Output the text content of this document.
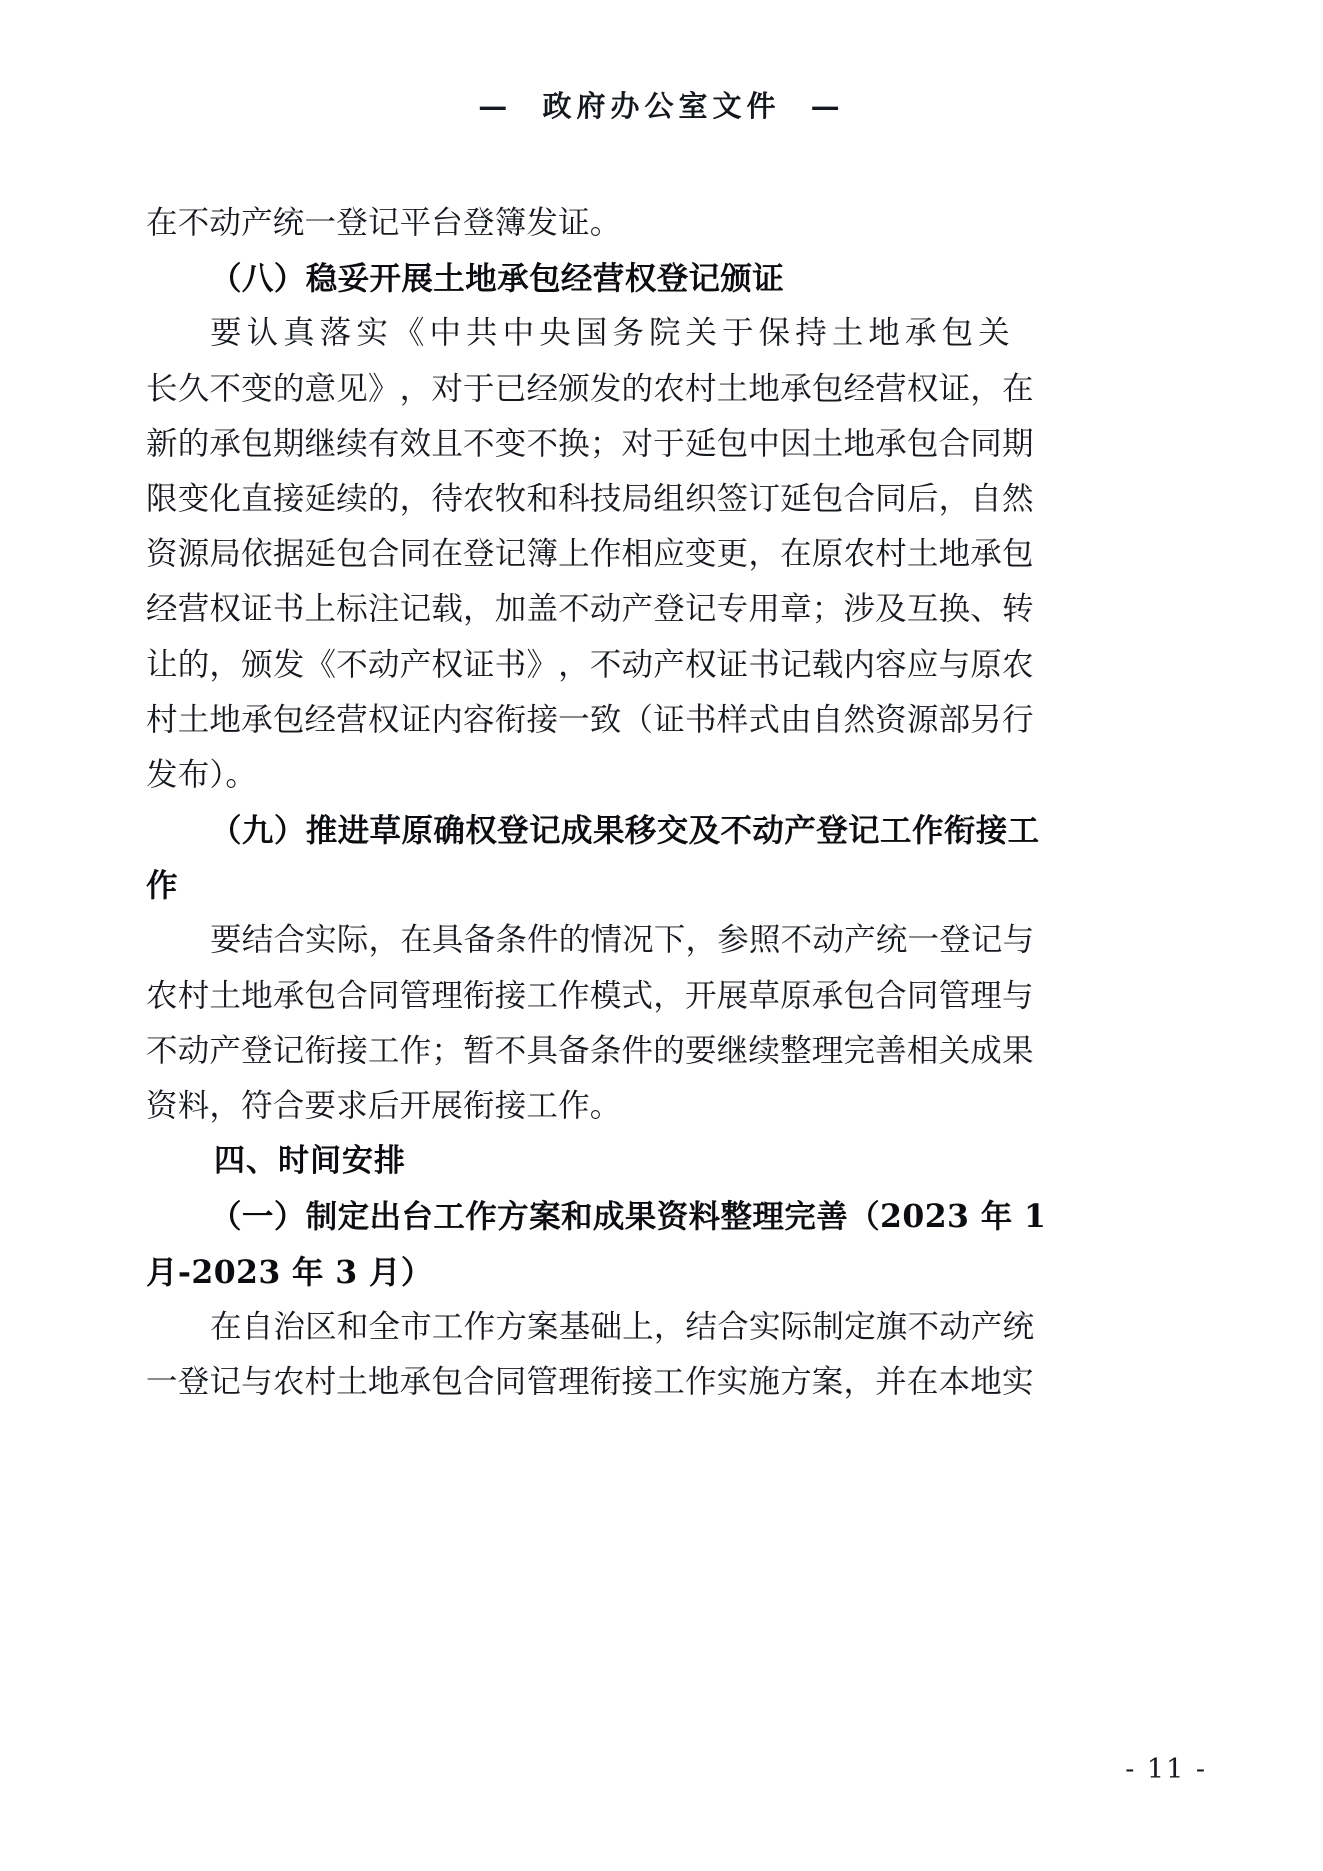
—  政府办公室文件  —
在不动产统一登记平台登簿发证。
（八）稳妥开展土地承包经营权登记颁证
要 认 真 落 实 《 中 共 中 央 国 务 院 关 于 保 持 土 地 承 包 关
长 久 不 变 的 意 见 》 ， 对 于 已 经 颁 发 的 农 村 土 地 承 包 经 营 权 证 ， 在
新 的 承 包 期 继 续 有 效 且 不 变 不 换 ； 对 于 延 包 中 因 土 地 承 包 合 同 期
限 变 化 直 接 延 续 的 ， 待 农 牧 和 科 技 局 组 织 签 订 延 包 合 同 后 ， 自 然
资 源 局 依 据 延 包 合 同 在 登 记 簿 上 作 相 应 变 更 ， 在 原 农 村 土 地 承 包
经 营 权 证 书 上 标 注 记 载 ， 加 盖 不 动 产 登 记 专 用 章 ； 涉 及 互 换 、 转
让 的 ， 颁 发 《 不 动 产 权 证 书 》 ， 不 动 产 权 证 书 记 载 内 容 应 与 原 农
村 土 地 承 包 经 营 权 证 内 容 衔 接 一 致 （ 证 书 样 式 由 自 然 资 源 部 另 行
发布）。
（ 九 ） 推 进 草 原 确 权 登 记 成 果 移 交 及 不 动 产 登 记 工 作 衔 接 工
作
要 结 合 实 际 ， 在 具 备 条 件 的 情 况 下 ， 参 照 不 动 产 统 一 登 记 与
农 村 土 地 承 包 合 同 管 理 衔 接 工 作 模 式 ， 开 展 草 原 承 包 合 同 管 理 与
不 动 产 登 记 衔 接 工 作 ； 暂 不 具 备 条 件 的 要 继 续 整 理 完 善 相 关 成 果
资料，符合要求后开展衔接工作。
四、时间安排
（ 一 ） 制 定 出 台 工 作 方 案 和 成 果 资 料 整 理 完 善 （ 2 0 2 3
年
1
月-2023 年 3 月）
在 自 治 区 和 全 市 工 作 方 案 基 础 上 ， 结 合 实 际 制 定 旗 不 动 产 统
一 登 记 与 农 村 土 地 承 包 合 同 管 理 衔 接 工 作 实 施 方 案 ， 并 在 本 地 实
- 11 -
